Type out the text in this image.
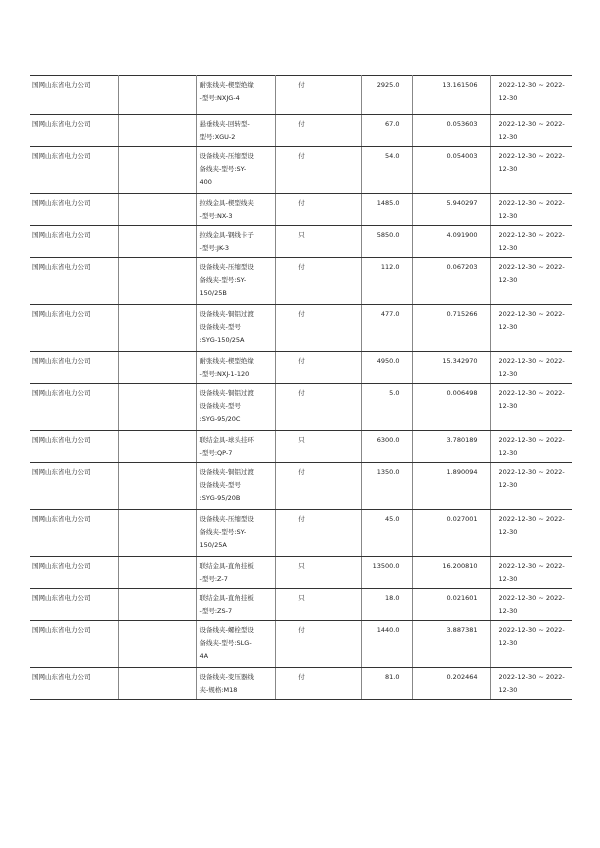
国网山东省电力公司		耐张线夹-楔型绝缘
-型号:NXJG-4	付	2925.0	13.161506	2022-12-30 ~ 2022-
12-30
国网山东省电力公司		悬垂线夹-回转型-
型号:XGU-2	付	67.0	0.053603	2022-12-30 ~ 2022-
12-30
国网山东省电力公司		设备线夹-压缩型设
备线夹-型号:SY-
400	付	54.0	0.054003	2022-12-30 ~ 2022-
12-30
国网山东省电力公司		拉线金具-楔型线夹
-型号:NX-3	付	1485.0	5.940297	2022-12-30 ~ 2022-
12-30
国网山东省电力公司		拉线金具-钢线卡子
-型号:JK-3	只	5850.0	4.091900	2022-12-30 ~ 2022-
12-30
国网山东省电力公司		设备线夹-压缩型设
备线夹-型号:SY-
150/25B	付	112.0	0.067203	2022-12-30 ~ 2022-
12-30
国网山东省电力公司		设备线夹-铜铝过渡
设备线夹-型号
:SYG-150/25A	付	477.0	0.715266	2022-12-30 ~ 2022-
12-30
国网山东省电力公司		耐张线夹-楔型绝缘
-型号:NXJ-1-120	付	4950.0	15.342970	2022-12-30 ~ 2022-
12-30
国网山东省电力公司		设备线夹-铜铝过渡
设备线夹-型号
:SYG-95/20C	付	5.0	0.006498	2022-12-30 ~ 2022-
12-30
国网山东省电力公司		联结金具-球头挂环
-型号:QP-7	只	6300.0	3.780189	2022-12-30 ~ 2022-
12-30
国网山东省电力公司		设备线夹-铜铝过渡
设备线夹-型号
:SYG-95/20B	付	1350.0	1.890094	2022-12-30 ~ 2022-
12-30
国网山东省电力公司		设备线夹-压缩型设
备线夹-型号:SY-
150/25A	付	45.0	0.027001	2022-12-30 ~ 2022-
12-30
国网山东省电力公司		联结金具-直角挂板
-型号:Z-7	只	13500.0	16.200810	2022-12-30 ~ 2022-
12-30
国网山东省电力公司		联结金具-直角挂板
-型号:ZS-7	只	18.0	0.021601	2022-12-30 ~ 2022-
12-30
国网山东省电力公司		设备线夹-螺栓型设
备线夹-型号:SLG-
4A	付	1440.0	3.887381	2022-12-30 ~ 2022-
12-30
国网山东省电力公司		设备线夹-变压器线
夹-规格:M18	付	81.0	0.202464	2022-12-30 ~ 2022-
12-30
